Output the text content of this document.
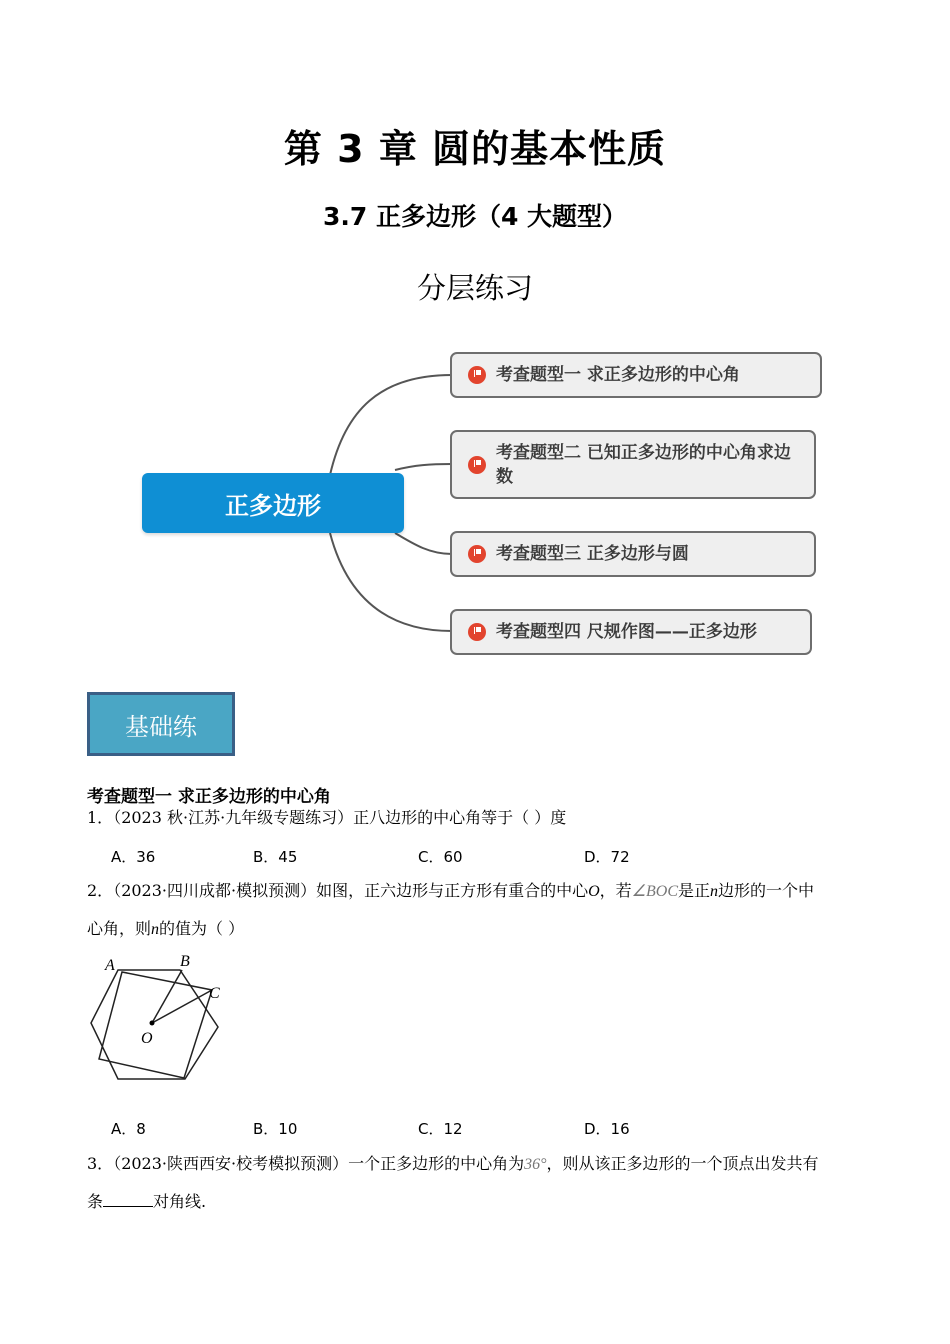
第 3 章 圆的基本性质
3.7 正多边形（4 大题型）
分层练习
正多边形
考查题型一 求正多边形的中心角
考查题型二 已知正多边形的中心角求边数
考查题型三 正多边形与圆
考查题型四 尺规作图——正多边形
基础练
考查题型一 求正多边形的中心角
1．（2023 秋·江苏·九年级专题练习）正八边形的中心角等于（ ）度
A．36	B．45	C．60	D．72
2．（2023·四川成都·模拟预测）如图，正六边形与正方形有重合的中心O，若∠BOC是正n边形的一个中
心角，则n的值为（ ）
A	B
C
O
A．8	B．10	C．12	D．16
3．（2023·陕西西安·校考模拟预测）一个正多边形的中心角为36°，则从该正多边形的一个顶点出发共有
条	对角线.
